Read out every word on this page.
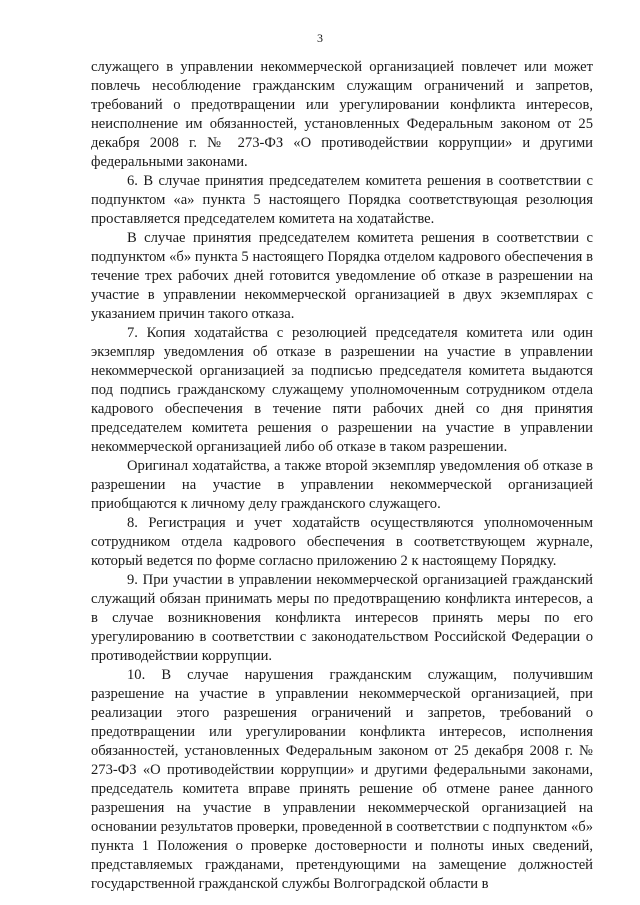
3

служащего в управлении некоммерческой организацией повлечет или может повлечь несоблюдение гражданским служащим ограничений и запретов, требований о предотвращении или урегулировании конфликта интересов, неисполнение им обязанностей, установленных Федеральным законом от 25 декабря 2008 г. № 273-ФЗ «О противодействии коррупции» и другими федеральными законами.

6. В случае принятия председателем комитета решения в соответствии с подпунктом «а» пункта 5 настоящего Порядка соответствующая резолюция проставляется председателем комитета на ходатайстве.

В случае принятия председателем комитета решения в соответствии с подпунктом «б» пункта 5 настоящего Порядка отделом кадрового обеспечения в течение трех рабочих дней готовится уведомление об отказе в разрешении на участие в управлении некоммерческой организацией в двух экземплярах с указанием причин такого отказа.

7. Копия ходатайства с резолюцией председателя комитета или один экземпляр уведомления об отказе в разрешении на участие в управлении некоммерческой организацией за подписью председателя комитета выдаются под подпись гражданскому служащему уполномоченным сотрудником отдела кадрового обеспечения в течение пяти рабочих дней со дня принятия председателем комитета решения о разрешении на участие в управлении некоммерческой организацией либо об отказе в таком разрешении.

Оригинал ходатайства, а также второй экземпляр уведомления об отказе в разрешении на участие в управлении некоммерческой организацией приобщаются к личному делу гражданского служащего.

8. Регистрация и учет ходатайств осуществляются уполномоченным сотрудником отдела кадрового обеспечения в соответствующем журнале, который ведется по форме согласно приложению 2 к настоящему Порядку.

9. При участии в управлении некоммерческой организацией гражданский служащий обязан принимать меры по предотвращению конфликта интересов, а в случае возникновения конфликта интересов принять меры по его урегулированию в соответствии с законодательством Российской Федерации о противодействии коррупции.

10. В случае нарушения гражданским служащим, получившим разрешение на участие в управлении некоммерческой организацией, при реализации этого разрешения ограничений и запретов, требований о предотвращении или урегулировании конфликта интересов, исполнения обязанностей, установленных Федеральным законом от 25 декабря 2008 г. № 273-ФЗ «О противодействии коррупции» и другими федеральными законами, председатель комитета вправе принять решение об отмене ранее данного разрешения на участие в управлении некоммерческой организацией на основании результатов проверки, проведенной в соответствии с подпунктом «б» пункта 1 Положения о проверке достоверности и полноты иных сведений, представляемых гражданами, претендующими на замещение должностей государственной гражданской службы Волгоградской области в
